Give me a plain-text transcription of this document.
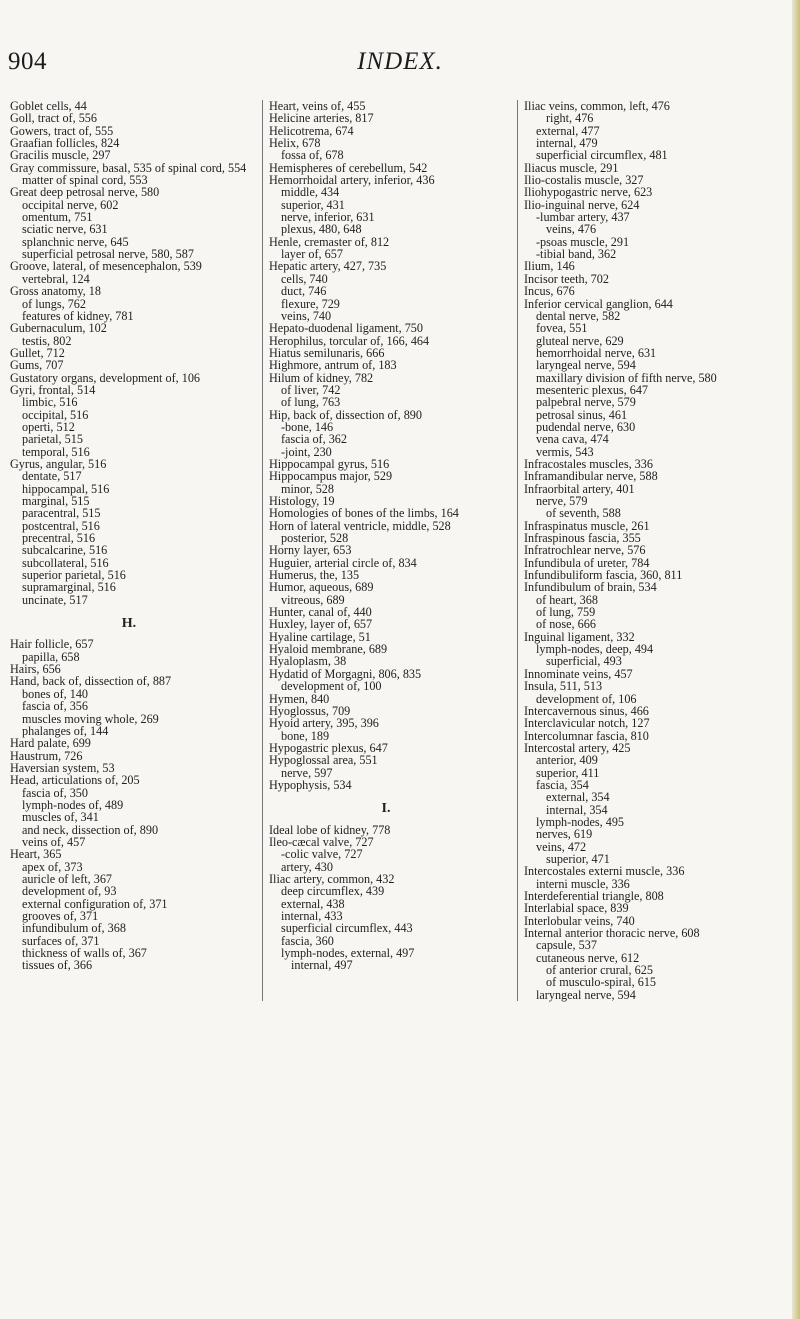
904	INDEX.
Goblet cells, 44
Goll, tract of, 556
Gowers, tract of, 555
Graafian follicles, 824
Gracilis muscle, 297
Gray commissure, basal, 535 of spinal cord, 554
matter of spinal cord, 553
Great deep petrosal nerve, 580
occipital nerve, 602
omentum, 751
sciatic nerve, 631
splanchnic nerve, 645
superficial petrosal nerve, 580, 587
Groove, lateral, of mesencephalon, 539
vertebral, 124
Gross anatomy, 18
of lungs, 762
features of kidney, 781
Gubernaculum, 102
testis, 802
Gullet, 712
Gums, 707
Gustatory organs, development of, 106
Gyri, frontal, 514
limbic, 516
occipital, 516
operti, 512
parietal, 515
temporal, 516
Gyrus, angular, 516
dentate, 517
hippocampal, 516
marginal, 515
paracentral, 515
postcentral, 516
precentral, 516
subcalcarine, 516
subcollateral, 516
superior parietal, 516
supramarginal, 516
uncinate, 517
H.
Hair follicle, 657
papilla, 658
Hairs, 656
Hand, back of, dissection of, 887
bones of, 140
fascia of, 356
muscles moving whole, 269
phalanges of, 144
Hard palate, 699
Haustrum, 726
Haversian system, 53
Head, articulations of, 205
fascia of, 350
lymph-nodes of, 489
muscles of, 341
and neck, dissection of, 890
veins of, 457
Heart, 365
apex of, 373
auricle of left, 367
development of, 93
external configuration of, 371
grooves of, 371
infundibulum of, 368
surfaces of, 371
thickness of walls of, 367
tissues of, 366
Heart, veins of, 455
Helicine arteries, 817
Helicotrema, 674
Helix, 678
fossa of, 678
Hemispheres of cerebellum, 542
Hemorrhoidal artery, inferior, 436
middle, 434
superior, 431
nerve, inferior, 631
plexus, 480, 648
Henle, cremaster of, 812
layer of, 657
Hepatic artery, 427, 735
cells, 740
duct, 746
flexure, 729
veins, 740
Hepato-duodenal ligament, 750
Herophilus, torcular of, 166, 464
Hiatus semilunaris, 666
Highmore, antrum of, 183
Hilum of kidney, 782
of liver, 742
of lung, 763
Hip, back of, dissection of, 890
-bone, 146
fascia of, 362
-joint, 230
Hippocampal gyrus, 516
Hippocampus major, 529
minor, 528
Histology, 19
Homologies of bones of the limbs, 164
Horn of lateral ventricle, middle, 528
posterior, 528
Horny layer, 653
Huguier, arterial circle of, 834
Humerus, the, 135
Humor, aqueous, 689
vitreous, 689
Hunter, canal of, 440
Huxley, layer of, 657
Hyaline cartilage, 51
Hyaloid membrane, 689
Hyaloplasm, 38
Hydatid of Morgagni, 806, 835
development of, 100
Hymen, 840
Hyoglossus, 709
Hyoid artery, 395, 396
bone, 189
Hypogastric plexus, 647
Hypoglossal area, 551
nerve, 597
Hypophysis, 534
I.
Ideal lobe of kidney, 778
Ileo-cæcal valve, 727
-colic valve, 727
artery, 430
Iliac artery, common, 432
deep circumflex, 439
external, 438
internal, 433
superficial circumflex, 443
fascia, 360
lymph-nodes, external, 497
internal, 497
Iliac veins, common, left, 476
right, 476
external, 477
internal, 479
superficial circumflex, 481
Iliacus muscle, 291
Ilio-costalis muscle, 327
Iliohypogastric nerve, 623
Ilio-inguinal nerve, 624
-lumbar artery, 437
veins, 476
-psoas muscle, 291
-tibial band, 362
Ilium, 146
Incisor teeth, 702
Incus, 676
Inferior cervical ganglion, 644
dental nerve, 582
fovea, 551
gluteal nerve, 629
hemorrhoidal nerve, 631
laryngeal nerve, 594
maxillary division of fifth nerve, 580
mesenteric plexus, 647
palpebral nerve, 579
petrosal sinus, 461
pudendal nerve, 630
vena cava, 474
vermis, 543
Infracostales muscles, 336
Inframandibular nerve, 588
Infraorbital artery, 401
nerve, 579
of seventh, 588
Infraspinatus muscle, 261
Infraspinous fascia, 355
Infratrochlear nerve, 576
Infundibula of ureter, 784
Infundibuliform fascia, 360, 811
Infundibulum of brain, 534
of heart, 368
of lung, 759
of nose, 666
Inguinal ligament, 332
lymph-nodes, deep, 494
superficial, 493
Innominate veins, 457
Insula, 511, 513
development of, 106
Intercavernous sinus, 466
Interclavicular notch, 127
Intercolumnar fascia, 810
Intercostal artery, 425
anterior, 409
superior, 411
fascia, 354
external, 354
internal, 354
lymph-nodes, 495
nerves, 619
veins, 472
superior, 471
Intercostales externi muscle, 336
interni muscle, 336
Interdeferential triangle, 808
Interlabial space, 839
Interlobular veins, 740
Internal anterior thoracic nerve, 608
capsule, 537
cutaneous nerve, 612
of anterior crural, 625
of musculo-spiral, 615
laryngeal nerve, 594
